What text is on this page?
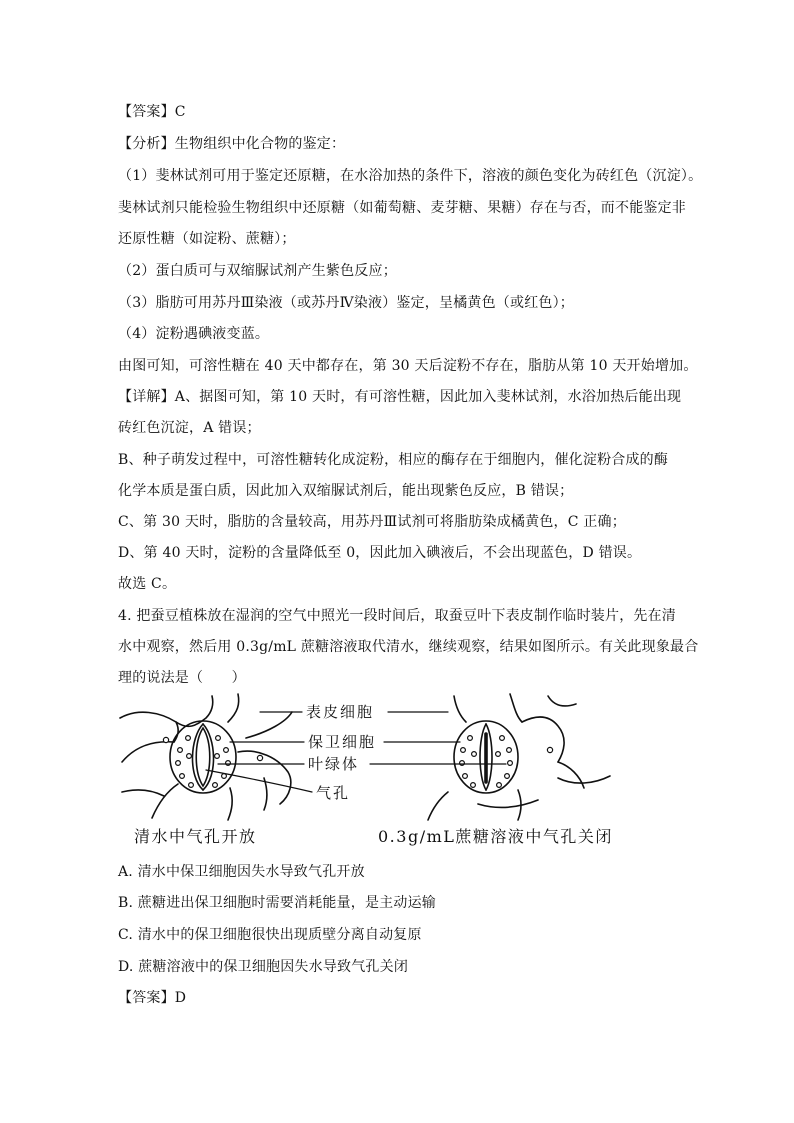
【答案】C
【分析】生物组织中化合物的鉴定：
（1）斐林试剂可用于鉴定还原糖，在水浴加热的条件下，溶液的颜色变化为砖红色（沉淀）。
斐林试剂只能检验生物组织中还原糖（如葡萄糖、麦芽糖、果糖）存在与否，而不能鉴定非
还原性糖（如淀粉、蔗糖）；
（2）蛋白质可与双缩脲试剂产生紫色反应；
（3）脂肪可用苏丹Ⅲ染液（或苏丹Ⅳ染液）鉴定，呈橘黄色（或红色）；
（4）淀粉遇碘液变蓝。
由图可知，可溶性糖在 40 天中都存在，第 30 天后淀粉不存在，脂肪从第 10 天开始增加。
【详解】A、据图可知，第 10 天时，有可溶性糖，因此加入斐林试剂，水浴加热后能出现
砖红色沉淀，A 错误；
B、种子萌发过程中，可溶性糖转化成淀粉，相应的酶存在于细胞内，催化淀粉合成的酶
化学本质是蛋白质，因此加入双缩脲试剂后，能出现紫色反应，B 错误；
C、第 30 天时，脂肪的含量较高，用苏丹Ⅲ试剂可将脂肪染成橘黄色，C 正确；
D、第 40 天时，淀粉的含量降低至 0，因此加入碘液后，不会出现蓝色，D 错误。
故选 C。
4. 把蚕豆植株放在湿润的空气中照光一段时间后，取蚕豆叶下表皮制作临时装片，先在清
水中观察，然后用 0.3g/mL 蔗糖溶液取代清水，继续观察，结果如图所示。有关此现象最合
理的说法是（　　）
表皮细胞
保卫细胞
叶绿体
气孔
清水中气孔开放	0.3g/mL蔗糖溶液中气孔关闭
A. 清水中保卫细胞因失水导致气孔开放
B. 蔗糖进出保卫细胞时需要消耗能量，是主动运输
C. 清水中的保卫细胞很快出现质壁分离自动复原
D. 蔗糖溶液中的保卫细胞因失水导致气孔关闭
【答案】D
